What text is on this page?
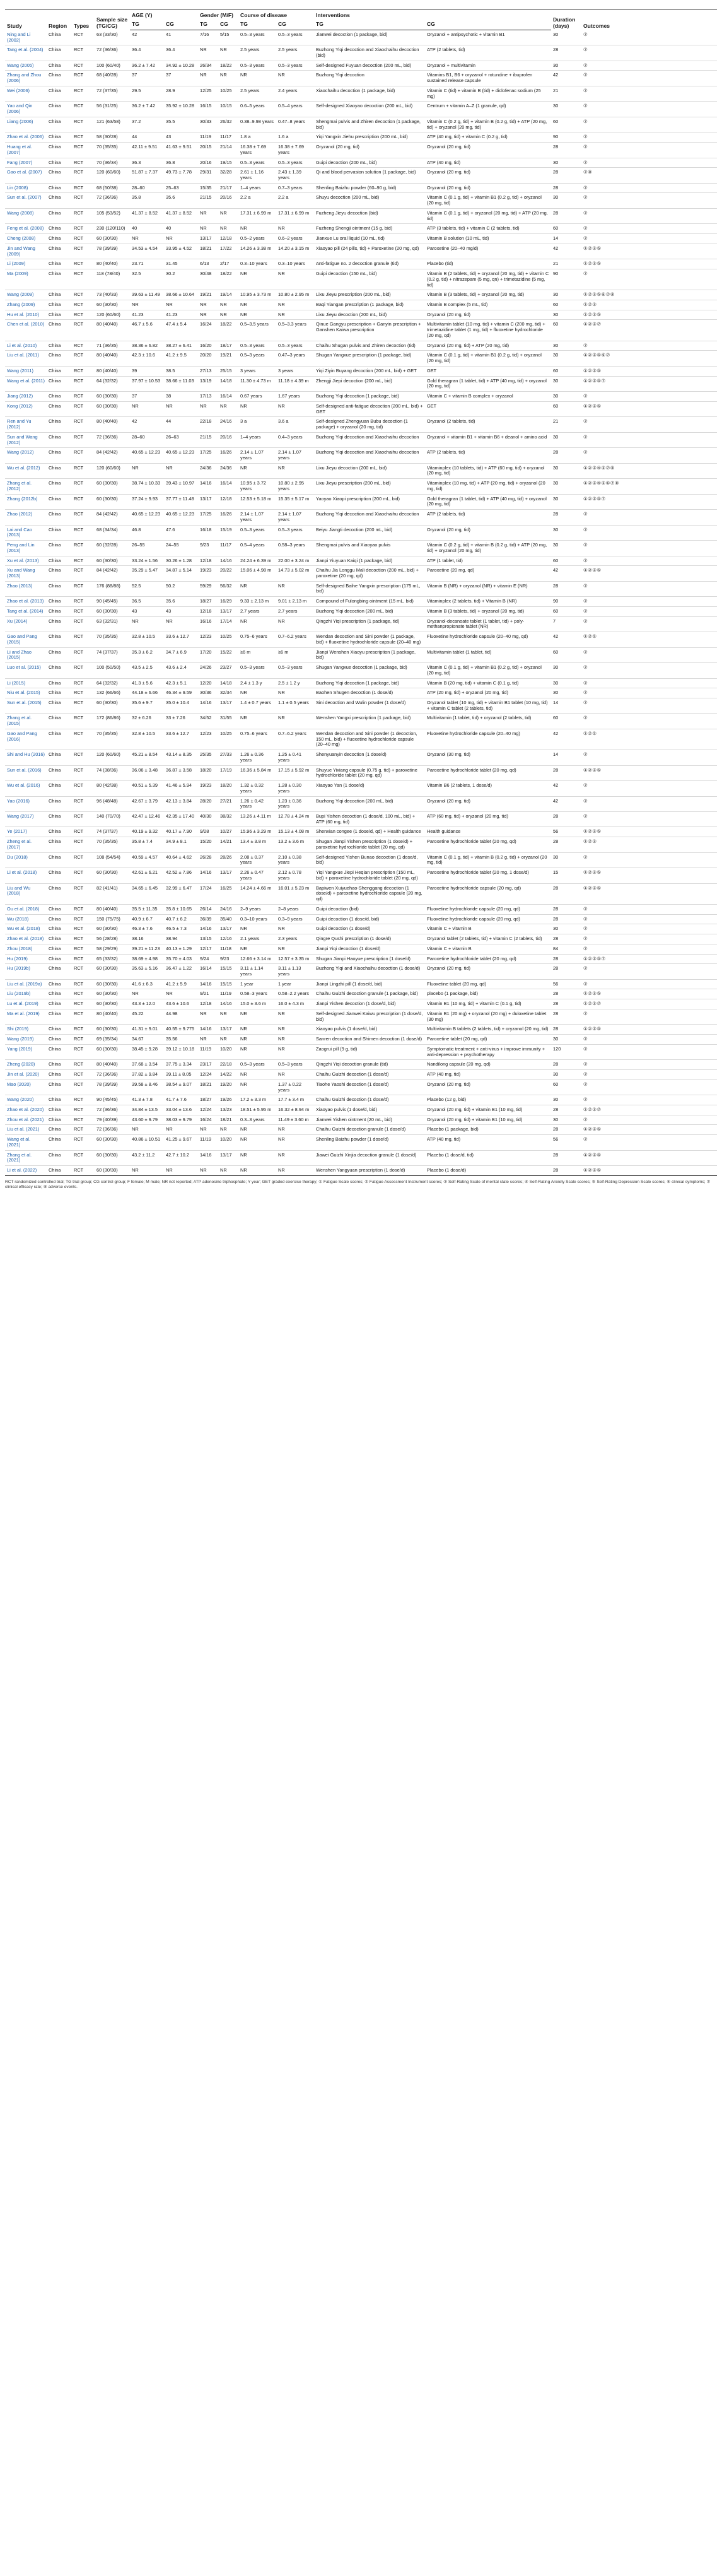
Study	Region	Types	Sample size (TG/CG)	AGE (Y)		Gender (M/F)		Course of disease		Interventions		Duration (days)	Outcomes
				TG	CG	TG	CG	TG	CG	TG	CG		
Ning and Li (2002)	China	RCT	63 (33/30)	42	41	7/16	5/15	0.5–3 years	0.5–3 years	Jianwei decoction (1 package, bid)	Oryzanol + antipsychotic + vitamin B1	30	⑦
Tang et al. (2004)	China	RCT	72 (36/36)	36.4	36.4	NR	NR	2.5 years	2.5 years	Buzhong Yiqi decoction and Xiaochaihu decoction (bid)	ATP (2 tablets, tid)	28	⑦
Wang (2005)	China	RCT	100 (60/40)	36.2 ± 7.42	34.92 ± 10.28	26/34	18/22	0.5–3 years	0.5–3 years	Self-designed Fuyuan decoction (200 mL, bid)	Oryzanol + multivitamin	30	⑦
Zhang and Zhou (2006)	China	RCT	68 (40/28)	37	37	NR	NR	NR	NR	Buzhong Yiqi decoction	Vitamins B1, B6 + oryzanol + rotundine + ibuprofen sustained release capsule	42	⑦
Wei (2006)	China	RCT	72 (37/35)	29.5	28.9	12/25	10/25	2.5 years	2.4 years	Xiaochaihu decoction (1 package, bid)	Vitamin C (tid) + vitamin B (tid) + diclofenac sodium (25 mg)	21	⑦
Yao and Qin (2006)	China	RCT	56 (31/25)	36.2 ± 7.42	35.92 ± 10.28	16/15	10/15	0.6–5 years	0.5–4 years	Self-designed Xiaoyao decoction (200 mL, bid)	Centrum + vitamin A–Z (1 granule, qd)	30	⑦
Liang (2006)	China	RCT	121 (63/58)	37.2	35.5	30/33	26/32	0.38–9.98 years	0.47–8 years	Shengmai pulvis and Zhiren decoction (1 package, bid)	Vitamin C (0.2 g, tid) + vitamin B (0.2 g, tid) + ATP (20 mg, tid) + oryzanol (20 mg, tid)	60	⑦
Zhao et al. (2006)	China	RCT	58 (30/28)	44	43	11/19	11/17	1.8 a	1.6 a	Yiqi Yangxin Jiehu prescription (200 mL, bid)	ATP (40 mg, tid) + vitamin C (0.2 g, tid)	90	⑦
Huang et al. (2007)	China	RCT	70 (35/35)	42.11 ± 9.51	41.63 ± 9.51	20/15	21/14	16.38 ± 7.69 years	16.38 ± 7.69 years	Oryzanol (20 mg, tid)	Oryzanol (20 mg, tid)	28	⑦
Fang (2007)	China	RCT	70 (36/34)	36.3	36.8	20/16	19/15	0.5–3 years	0.5–3 years	Guipi decoction (200 mL, bid)	ATP (40 mg, tid)	30	⑦
Gao et al. (2007)	China	RCT	120 (60/60)	51.87 ± 7.37	49.73 ± 7.78	29/31	32/28	2.61 ± 1.16 years	2.43 ± 1.39 years	Qi and blood pervasion solution (1 package, bid)	Oryzanol (20 mg, tid)	28	⑦⑧
Lin (2008)	China	RCT	68 (50/38)	28–60	25–63	15/35	21/17	1–4 years	0.7–3 years	Shenling Baizhu powder (60–90 g, bid)	Oryzanol (20 mg, tid)	28	⑦
Sun et al. (2007)	China	RCT	72 (36/36)	35.8	35.6	21/15	20/16	2.2 a	2.2 a	Shuyu decoction (200 mL, bid)	Vitamin C (0.1 g, tid) + vitamin B1 (0.2 g, tid) + oryzanol (20 mg, tid)	30	⑦
Wang (2008)	China	RCT	105 (53/52)	41.37 ± 8.52	41.37 ± 8.52	NR	NR	17.31 ± 6.99 m	17.31 ± 6.99 m	Fuzheng Jieyu decoction (bid)	Vitamin C (0.1 g, tid) + oryzanol (20 mg, tid) + ATP (20 mg, tid)	28	⑦
Feng et al. (2008)	China	RCT	230 (120/110)	40	40	NR	NR	NR	NR	Fuzheng Shengji ointment (15 g, bid)	ATP (3 tablets, tid) + vitamin C (2 tablets, tid)	60	⑦
Cheng (2008)	China	RCT	60 (30/30)	NR	NR	13/17	12/18	0.5–2 years	0.6–2 years	Jianxue Lu oral liquid (10 mL, tid)	Vitamin B solution (10 mL, tid)	14	⑦
Jin and Wang (2009)	China	RCT	78 (39/39)	34.53 ± 4.54	33.95 ± 4.52	18/21	17/22	14.26 ± 3.38 m	14.20 ± 3.15 m	Xiaoyao pill (24 pills, tid) + Paroxetine (20 mg, qd)	Paroxetine (20–40 mg/d)	42	①②③⑤
Li (2009)	China	RCT	80 (40/40)	23.71	31.45	6/13	2/17	0.3–10 years	0.3–10 years	Anti-fatigue no. 2 decoction granule (tid)	Placebo (tid)	21	①②③⑤
Ma (2009)	China	RCT	118 (78/40)	32.5	30.2	30/48	18/22	NR	NR	Guipi decoction (150 mL, bid)	Vitamin B (2 tablets, tid) + oryzanol (20 mg, tid) + vitamin C (0.2 g, tid) + nitrazepam (5 mg, qn) + trimetazidine (5 mg, tid)	90	⑦
Wang (2009)	China	RCT	73 (40/33)	39.63 ± 11.49	38.66 ± 10.64	19/21	19/14	10.95 ± 3.73 m	10.80 ± 2.95 m	Lixu Jieyu prescription (200 mL, bid)	Vitamin B (3 tablets, tid) + oryzanol (20 mg, tid)	30	①②③⑤⑥⑦⑧
Zhang (2009)	China	RCT	60 (30/30)	NR	NR	NR	NR	NR	NR	Baqi Yiangan prescription (1 package, bid)	Vitamin B complex (5 mL, tid)	60	①②③
Hu et al. (2010)	China	RCT	120 (60/60)	41.23	41.23	NR	NR	NR	NR	Lixu Jieyu decoction (200 mL, bid)	Oryzanol (20 mg, tid)	30	①②③⑤
Chen et al. (2010)	China	RCT	80 (40/40)	46.7 ± 5.6	47.4 ± 5.4	16/24	18/22	0.5–3.5 years	0.5–3.3 years	Qinue Gangyu prescription + Ganyin prescription + Ganshen Kaiwa prescription	Multivitamin tablet (10 mg, tid) + vitamin C (200 mg, tid) + trimetazidine tablet (1 mg, tid) + fluoxetine hydrochloride (20 mg, qd)	60	①②③⑦
Li et al. (2010)	China	RCT	71 (36/35)	38.36 ± 6.82	38.27 ± 6.41	16/20	18/17	0.5–3 years	0.5–3 years	Chaihu Shugan pulvis and Zhiren decoction (tid)	Oryzanol (20 mg, tid) + ATP (20 mg, tid)	30	⑦
Liu et al. (2011)	China	RCT	80 (40/40)	42.3 ± 10.6	41.2 ± 9.5	20/20	19/21	0.5–3 years	0.47–3 years	Shugan Yangxue prescription (1 package, bid)	Vitamin C (0.1 g, tid) + vitamin B1 (0.2 g, tid) + oryzanol (20 mg, tid)	30	①②③⑤⑥⑦
Wang (2011)	China	RCT	80 (40/40)	39	38.5	27/13	25/15	3 years	3 years	Yiqi Ziyin Buyang decoction (200 mL, bid) + GET	GET	60	①②③⑤
Wang et al. (2011)	China	RCT	64 (32/32)	37.97 ± 10.53	38.66 ± 11.03	13/19	14/18	11.30 ± 4.73 m	11.18 ± 4.39 m	Zhengji Jiepi decoction (200 mL, bid)	Gold theragran (1 tablet, tid) + ATP (40 mg, tid) + oryzanol (20 mg, tid)	30	①②③⑤⑦
Jiang (2012)	China	RCT	60 (30/30)	37	38	17/13	16/14	0.67 years	1.67 years	Buzhong Yiqi decoction (1 package, bid)	Vitamin C + vitamin B complex + oryzanol	30	⑦
Kong (2012)	China	RCT	60 (30/30)	NR	NR	NR	NR	NR	NR	Self-designed anti-fatigue decoction (200 mL, bid) + GET	GET	60	①②③⑤
Ren and Yu (2012)	China	RCT	80 (40/40)	42	44	22/18	24/16	3 a	3.6 a	Self-designed Zhengyuan Bubu decoction (1 package) + oryzanol (20 mg, tid)	Oryzanol (2 tablets, tid)	21	⑦
Sun and Wang (2012)	China	RCT	72 (36/36)	28–60	26–63	21/15	20/16	1–4 years	0.4–3 years	Buzhong Yiqi decoction and Xiaochaihu decoction	Oryzanol + vitamin B1 + vitamin B6 + deanol + amino acid	30	⑦
Wang (2012)	China	RCT	84 (42/42)	40.65 ± 12.23	40.65 ± 12.23	17/25	16/26	2.14 ± 1.07 years	2.14 ± 1.07 years	Buzhong Yiqi decoction and Xiaochaihu decoction	ATP (2 tablets, tid)	28	⑦
Wu et al. (2012)	China	RCT	120 (60/60)	NR	NR	24/36	24/36	NR	NR	Lixu Jieyu decoction (200 mL, bid)	Vitaminplex (10 tablets, tid) + ATP (60 mg, tid) + oryzanol (20 mg, tid)	30	①②③④⑤⑦⑧
Zhang et al. (2012)	China	RCT	60 (30/30)	38.74 ± 10.33	39.43 ± 10.97	14/16	16/14	10.95 ± 3.72 years	10.80 ± 2.95 years	Lixu Jieyu prescription (200 mL, bid)	Vitaminplex (10 mg, tid) + ATP (20 mg, tid) + oryzanol (20 mg, tid)	30	①②③④⑤⑥⑦⑧
Zhang (2012b)	China	RCT	60 (30/30)	37.24 ± 9.93	37.77 ± 11.48	13/17	12/18	12.53 ± 5.18 m	15.35 ± 5.17 m	Yaoyao Xiaopi prescription (200 mL, bid)	Gold theragran (1 tablet, tid) + ATP (40 mg, tid) + oryzanol (20 mg, tid)	30	①②③⑤⑦
Zhao (2012)	China	RCT	84 (42/42)	40.65 ± 12.23	40.65 ± 12.23	17/25	16/26	2.14 ± 1.07 years	2.14 ± 1.07 years	Buzhong Yiqi decoction and Xiaochaihu decoction	ATP (2 tablets, tid)	28	⑦
Lai and Cao (2013)	China	RCT	68 (34/34)	46.8	47.6	16/18	15/19	0.5–3 years	0.5–3 years	Beiyu Jiangti decoction (200 mL, bid)	Oryzanol (20 mg, tid)	30	⑦
Peng and Lin (2013)	China	RCT	60 (32/28)	26–55	24–55	9/23	11/17	0.5–4 years	0.58–3 years	Shengmai pulvis and Xiaoyao pulvis	Vitamin C (0.2 g, tid) + vitamin B (0.2 g, tid) + ATP (20 mg, tid) + oryzanol (20 mg, tid)	30	⑦
Xu et al. (2013)	China	RCT	60 (30/30)	33.24 ± 1.56	30.26 ± 1.28	12/18	14/16	24.24 ± 6.39 m	22.00 ± 3.24 m	Jianpi Yiuyuan Kaiqi (1 package, bid)	ATP (1 tablet, tid)	60	⑦
Xu and Wang (2013)	China	RCT	84 (42/42)	35.29 ± 5.47	34.87 ± 5.14	19/23	20/22	15.06 ± 4.98 m	14.73 ± 5.02 m	Chaihu Jia Longgu Mali decoction (200 mL, bid) + paroxetine (20 mg, qd)	Paroxetine (20 mg, qd)	42	①②③⑤
Zhao (2013)	China	RCT	176 (88/88)	52.5	50.2	59/29	56/32	NR	NR	Self-designed Baihe Yangxin prescription (175 mL, bid)	Vitamin B (NR) + oryzanol (NR) + vitamin E (NR)	28	⑦
Zhao et al. (2013)	China	RCT	90 (45/45)	36.5	35.6	18/27	16/29	9.33 ± 2.13 m	9.01 ± 2.13 m	Compound of Fulongbing ointment (15 mL, bid)	Vitaminplex (2 tablets, tid) + Vitamin B (NR)	90	⑦
Tang et al. (2014)	China	RCT	60 (30/30)	43	43	12/18	13/17	2.7 years	2.7 years	Buzhong Yiqi decoction (200 mL, bid)	Vitamin B (3 tablets, tid) + oryzanol (20 mg, tid)	60	⑦
Xu (2014)	China	RCT	63 (32/31)	NR	NR	16/16	17/14	NR	NR	Qingzhi Yiqi prescription (1 package, tid)	Oryzanol-decanoate tablet (1 tablet, tid) + poly-methanpropionate tablet (NR)	7	⑦
Gao and Pang (2015)	China	RCT	70 (35/35)	32.8 ± 10.5	33.6 ± 12.7	12/23	10/25	0.75–6 years	0.7–6.2 years	Wendan decoction and Sini powder (1 package, bid) + fluoxetine hydrochloride capsule (20–40 mg)	Fluoxetine hydrochloride capsule (20–40 mg, qd)	42	①②⑤
Li and Zhao (2015)	China	RCT	74 (37/37)	35.3 ± 6.2	34.7 ± 6.9	17/20	15/22	≥6 m	≥6 m	Jianpi Wenshen Xiaoyu prescription (1 package, bid)	Multivitamin tablet (1 tablet, tid)	60	⑦
Luo et al. (2015)	China	RCT	100 (50/50)	43.5 ± 2.5	43.6 ± 2.4	24/26	23/27	0.5–3 years	0.5–3 years	Shugan Yangxue decoction (1 package, bid)	Vitamin C (0.1 g, tid) + vitamin B1 (0.2 g, tid) + oryzanol (20 mg, tid)	30	⑦
Li (2015)	China	RCT	64 (32/32)	41.3 ± 5.6	42.3 ± 5.1	12/20	14/18	2.4 ± 1.3 y	2.5 ± 1.2 y	Buzhong Yiqi decoction (1 package, bid)	Vitamin B (20 mg, tid) + vitamin C (0.1 g, tid)	30	⑦
Niu et al. (2015)	China	RCT	132 (66/66)	44.18 ± 6.66	46.34 ± 9.59	30/36	32/34	NR	NR	Baohen Shugen decoction (1 dose/d)	ATP (20 mg, tid) + oryzanol (20 mg, tid)	30	⑦
Sun et al. (2015)	China	RCT	60 (30/30)	35.6 ± 9.7	35.0 ± 10.4	14/16	13/17	1.4 ± 0.7 years	1.1 ± 0.5 years	Sini decoction and Wulin powder (1 dose/d)	Oryzanol tablet (10 mg, tid) + vitamin B1 tablet (10 mg, tid) + vitamin C tablet (2 tablets, tid)	14	⑦
Zhang et al. (2015)	China	RCT	172 (86/86)	32 ± 6.26	33 ± 7.26	34/52	31/55	NR	NR	Wenshen Yangxi prescription (1 package, bid)	Multivitamin (1 tablet, tid) + oryzanol (2 tablets, tid)	60	⑦
Gao and Pang (2016)	China	RCT	70 (35/35)	32.8 ± 10.5	33.6 ± 12.7	12/23	10/25	0.75–6 years	0.7–6.2 years	Wendan decoction and Sini powder (1 decoction, 150 mL, bid) + fluoxetine hydrochloride capsule (20–40 mg)	Fluoxetine hydrochloride capsule (20–40 mg)	42	①②⑤
Shi and Hu (2016)	China	RCT	120 (60/60)	45.21 ± 8.54	43.14 ± 8.35	25/35	27/33	1.26 ± 0.36 years	1.25 ± 0.41 years	Shenyuanyin decoction (1 dose/d)	Oryzanol (30 mg, tid)	14	⑦
Sun et al. (2016)	China	RCT	74 (38/36)	36.06 ± 3.48	36.87 ± 3.58	18/20	17/19	16.36 ± 5.84 m	17.15 ± 5.92 m	Shuyue Yixiang capsule (0.75 g, tid) + paroxetine hydrochloride tablet (20 mg, qd)	Paroxetine hydrochloride tablet (20 mg, qd)	28	①②③⑤
Wu et al. (2016)	China	RCT	80 (42/38)	40.51 ± 5.39	41.46 ± 5.94	19/23	18/20	1.32 ± 0.32 years	1.28 ± 0.30 years	Xiaoyao Yan (1 dose/d)	Vitamin B6 (2 tablets, 1 dose/d)	42	⑦
Yao (2016)	China	RCT	96 (48/48)	42.67 ± 3.79	42.13 ± 3.84	28/20	27/21	1.26 ± 0.42 years	1.23 ± 0.36 years	Buzhong Yiqi decoction (200 mL, bid)	Oryzanol (20 mg, tid)	42	⑦
Wang (2017)	China	RCT	140 (70/70)	42.47 ± 12.46	42.35 ± 17.40	40/30	38/32	13.26 ± 4.11 m	12.78 ± 4.24 m	Bupi Yishen decoction (1 dose/d, 100 mL, bid) + ATP (60 mg, tid)	ATP (60 mg, tid) + oryzanol (20 mg, tid)	28	⑦
Ye (2017)	China	RCT	74 (37/37)	40.19 ± 9.32	40.17 ± 7.90	9/28	10/27	15.96 ± 3.29 m	15.13 ± 4.08 m	Shenxian congee (1 dose/d, qd) + Health guidance	Health guidance	56	①②③⑤
Zheng et al. (2017)	China	RCT	70 (35/35)	35.8 ± 7.4	34.9 ± 8.1	15/20	14/21	13.4 ± 3.8 m	13.2 ± 3.6 m	Shugan Jianpi Yishen prescription (1 dose/d) + paroxetine hydrochloride tablet (20 mg, qd)	Paroxetine hydrochloride tablet (20 mg, qd)	28	①②③
Du (2018)	China	RCT	108 (54/54)	40.59 ± 4.57	40.64 ± 4.62	26/28	28/26	2.08 ± 0.37 years	2.10 ± 0.38 years	Self-designed Yishen Bunao decoction (1 dose/d, bid)	Vitamin C (0.1 g, tid) + vitamin B (0.2 g, tid) + oryzanol (20 mg, tid)	30	⑦
Li et al. (2018)	China	RCT	60 (30/30)	42.61 ± 6.21	42.52 ± 7.86	14/16	13/17	2.26 ± 0.47 years	2.12 ± 0.78 years	Yiqi Yangxue Jiepi Heqian prescription (150 mL, bid) + paroxetine hydrochloride tablet (20 mg, qd)	Paroxetine hydrochloride tablet (20 mg, 1 dose/d)	15	①②③⑤
Liu and Wu (2018)	China	RCT	82 (41/41)	34.65 ± 6.45	32.99 ± 6.47	17/24	16/25	14.24 ± 4.66 m	16.01 ± 5.23 m	Bapiwen Xuiyuehao-Shenggang decoction (1 dose/d) + paroxetine hydrochloride capsule (20 mg, qd)	Paroxetine hydrochloride capsule (20 mg, qd)	28	①②③⑤
Ou et al. (2018)	China	RCT	80 (40/40)	35.5 ± 11.35	35.8 ± 10.65	26/14	24/16	2–9 years	2–8 years	Guipi decoction (bid)	Fluoxetine hydrochloride capsule (20 mg, qd)	28	⑦
Wu (2018)	China	RCT	150 (75/75)	40.9 ± 6.7	40.7 ± 6.2	36/39	35/40	0.3–10 years	0.3–9 years	Guipi decoction (1 dose/d, bid)	Fluoxetine hydrochloride capsule (20 mg, qd)	28	⑦
Wu et al. (2018)	China	RCT	60 (30/30)	46.3 ± 7.6	46.5 ± 7.3	14/16	13/17	NR	NR	Guipi decoction (1 dose/d)	Vitamin C + vitamin B	30	⑦
Zhao et al. (2018)	China	RCT	56 (28/28)	38.16	38.94	13/15	12/16	2.1 years	2.3 years	Qingre Qushi prescription (1 dose/d)	Oryzanol tablet (2 tablets, tid) + vitamin C (2 tablets, tid)	28	⑦
Zhou (2018)	China	RCT	58 (29/29)	39.21 ± 11.23	40.13 ± 1.29	12/17	11/18	NR	NR	Jianpi Yiqi decoction (1 dose/d)	Vitamin C + vitamin B	84	⑦
Hu (2019)	China	RCT	65 (33/32)	38.69 ± 4.98	35.70 ± 4.03	9/24	9/23	12.66 ± 3.14 m	12.57 ± 3.35 m	Shugan Jianpi Haoyue prescription (1 dose/d)	Paroxetine hydrochloride tablet (20 mg, qd)	28	①②③⑤⑦
Hu (2019b)	China	RCT	60 (30/30)	35.63 ± 5.16	36.47 ± 1.22	16/14	15/15	3.11 ± 1.14 years	3.11 ± 1.13 years	Buzhong Yiqi and Xiaochaihu decoction (1 dose/d)	Oryzanol (20 mg, tid)	28	⑦
Liu et al. (2019a)	China	RCT	60 (30/30)	41.6 ± 6.3	41.2 ± 5.9	14/16	15/15	1 year	1 year	Jianpi Lingzhi pill (1 dose/d, bid)	Fluoxetine tablet (20 mg, qd)	56	⑦
Liu (2019b)	China	RCT	60 (30/30)	NR	NR	9/21	11/19	0.58–3 years	0.58–2.2 years	Chaihu Guizhi decoction granule (1 package, bid)	placebo (1 package, bid)	28	①②③⑤
Lu et al. (2019)	China	RCT	60 (30/30)	43.3 ± 12.0	43.6 ± 10.6	12/18	14/16	15.0 ± 3.6 m	16.0 ± 4.3 m	Jianpi Yishen decoction (1 dose/d, bid)	Vitamin B1 (10 mg, tid) + vitamin C (0.1 g, tid)	28	①②③⑦
Ma et al. (2019)	China	RCT	80 (40/40)	45.22	44.98	NR	NR	NR	NR	Self-designed Jianwei Kaiwu prescription (1 dose/d, bid)	Vitamin B1 (20 mg) + oryzanol (20 mg) + duloxetine tablet (30 mg)	28	⑦
Shi (2019)	China	RCT	60 (30/30)	41.31 ± 9.01	40.55 ± 9.775	14/16	13/17	NR	NR	Xiaoyao pulvis (1 dose/d, bid)	Multivitamin B tablets (2 tablets, tid) + oryzanol (20 mg, tid)	28	①②③⑤
Wang (2019)	China	RCT	69 (35/34)	34.67	35.56	NR	NR	NR	NR	Sanren decoction and Shimen decoction (1 dose/d)	Paroxetine tablet (20 mg, qd)	30	⑦
Yang (2019)	China	RCT	60 (30/30)	38.45 ± 9.28	39.12 ± 10.18	11/19	10/20	NR	NR	Zaogrui pill (9 g, tid)	Symptomatic treatment + anti-virus + improve immunity + anti-depression + psychotherapy	120	⑦
Zheng (2020)	China	RCT	80 (40/40)	37.68 ± 3.54	37.75 ± 3.34	23/17	22/18	0.5–3 years	0.5–3 years	Qingzhi Yiqi decoction granule (tid)	Nandilong capsule (20 mg, qd)	28	⑦
Jin et al. (2020)	China	RCT	72 (36/36)	37.82 ± 9.84	39.11 ± 8.05	12/24	14/22	NR	NR	Chaihu Guizhi decoction (1 dose/d)	ATP (40 mg, tid)	30	⑦
Mao (2020)	China	RCT	78 (39/39)	39.58 ± 8.46	38.54 ± 9.07	18/21	19/20	NR	1.37 ± 0.22 years	Tiaohe Yaoshi decoction (1 dose/d)	Oryzanol (20 mg, tid)	60	⑦
Wang (2020)	China	RCT	90 (45/45)	41.3 ± 7.8	41.7 ± 7.6	18/27	19/26	17.2 ± 3.3 m	17.7 ± 3.4 m	Chaihu Guizhi decoction (1 dose/d)	Placebo (12 g, bid)	30	⑦
Zhao et al. (2020)	China	RCT	72 (36/36)	34.84 ± 13.5	33.04 ± 13.6	12/24	13/23	18.51 ± 5.95 m	16.32 ± 8.94 m	Xiaoyao pulvis (1 dose/d, bid)	Oryzanol (20 mg, tid) + vitamin B1 (10 mg, tid)	28	①②③⑦
Zhou et al. (2021)	China	RCT	79 (40/39)	43.60 ± 9.79	38.03 ± 9.79	16/24	18/21	0.3–3 years	11.49 ± 3.60 m	Jianwei Yishen ointment (20 mL, bid)	Oryzanol (20 mg, tid) + vitamin B1 (10 mg, tid)	30	⑦
Liu et al. (2021)	China	RCT	72 (36/36)	NR	NR	NR	NR	NR	NR	Chaihu Guizhi decoction granule (1 dose/d)	Placebo (1 package, bid)	28	①②③⑤
Wang et al. (2021)	China	RCT	60 (30/30)	40.86 ± 10.51	41.25 ± 9.67	11/19	10/20	NR	NR	Shenling Baizhu powder (1 dose/d)	ATP (40 mg, tid)	56	⑦
Zhang et al. (2021)	China	RCT	60 (30/30)	43.2 ± 11.2	42.7 ± 10.2	14/16	13/17	NR	NR	Jiawei Guizhi Xinjia decoction granule (1 dose/d)	Placebo (1 dose/d, tid)	28	①②③⑤
Li et al. (2022)	China	RCT	60 (30/30)	NR	NR	NR	NR	NR	NR	Wenshen Yangyuan prescription (1 dose/d)	Placebo (1 dose/d)	28	①②③⑤
RCT randomized controlled trial; TG trial group; CG control group; F female; M male; NR not reported; ATP adenosine triphosphate; Y year; GET graded exercise therapy; ① Fatigue Scale scores; ② Fatigue Assessment Instrument scores; ③ Self-Rating Scale of mental state scores; ④ Self-Rating Anxiety Scale scores; ⑤ Self-Rating Depression Scale scores; ⑥ clinical symptoms; ⑦ clinical efficacy rate; ⑧ adverse events.
